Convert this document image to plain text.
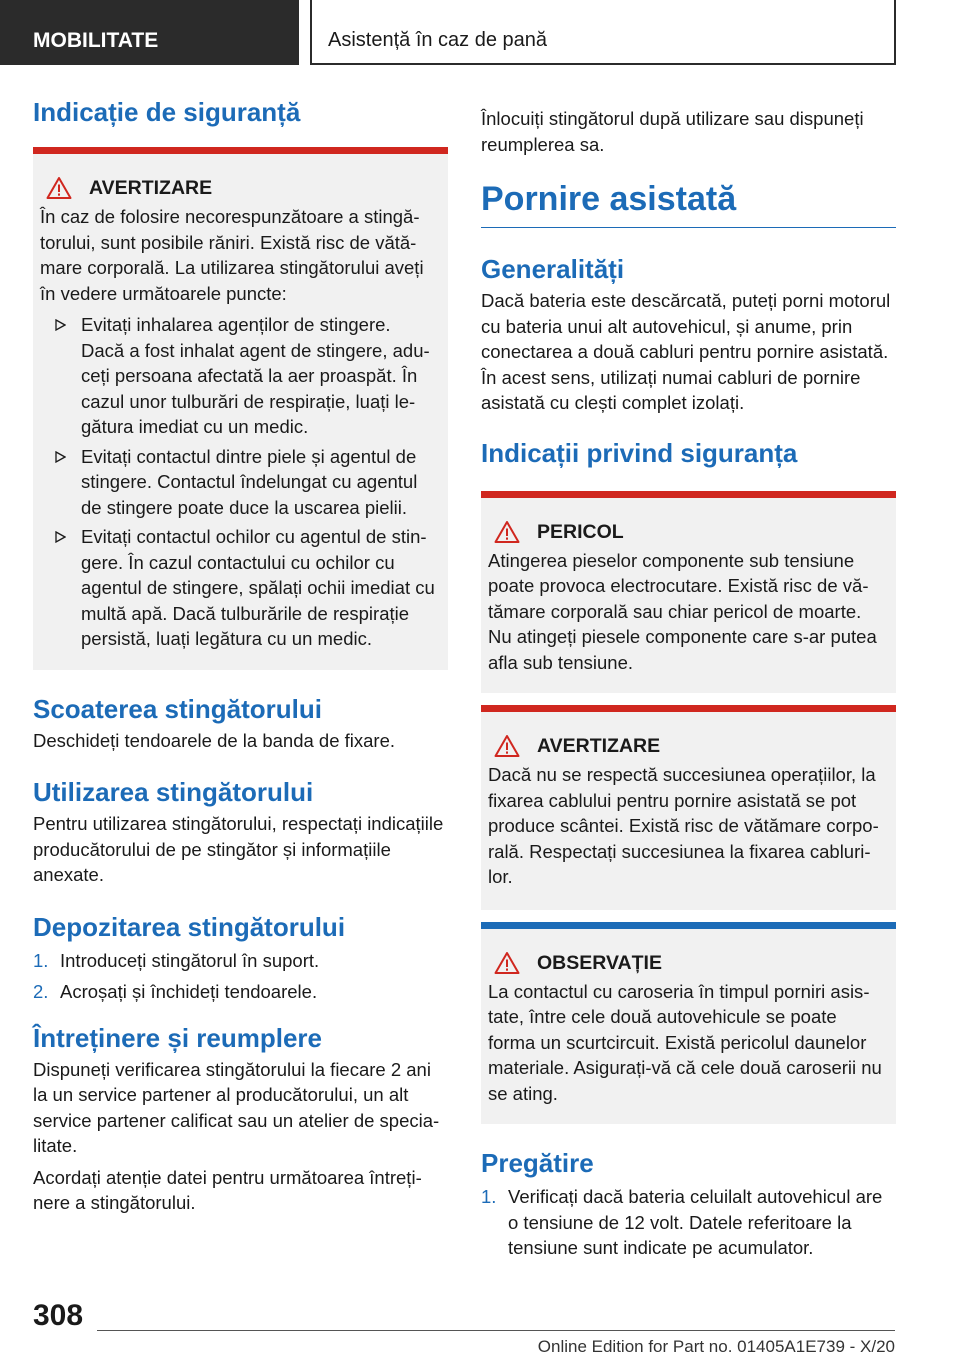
MOBILITATE	Asistență în caz de pană
Indicație de siguranță
AVERTIZARE

În caz de folosire necorespunzătoare a stingătorului, sunt posibile răniri. Există risc de vătămare corporală. La utilizarea stingătorului aveți în vedere următoarele puncte:

Evitați inhalarea agenților de stingere. Dacă a fost inhalat agent de stingere, aduceți persoana afectată la aer proaspăt. În cazul unor tulburări de respirație, luați legătura imediat cu un medic.
Evitați contactul dintre piele și agentul de stingere. Contactul îndelungat cu agentul de stingere poate duce la uscarea pielii.
Evitați contactul ochilor cu agentul de stingere. În cazul contactului cu ochilor cu agentul de stingere, spălați ochii imediat cu multă apă. Dacă tulburările de respirație persistă, luați legătura cu un medic.
Scoaterea stingătorului

Deschideți tendoarele de la banda de fixare.

Utilizarea stingătorului

Pentru utilizarea stingătorului, respectați indicațiile producătorului de pe stingător și informațiile anexate.

Depozitarea stingătorului
1. Introduceți stingătorul în suport.
2. Acroșați și închideți tendoarele.
Întreținere și reumplere

Dispuneți verificarea stingătorului la fiecare 2 ani la un service partener al producătorului, un alt service partener calificat sau un atelier de specialitate.

Acordați atenție datei pentru următoarea întreținere a stingătorului.

Înlocuiți stingătorul după utilizare sau dispuneți reumplerea sa.

Pornire asistată
Generalități

Dacă bateria este descărcată, puteți porni motorul cu bateria unui alt autovehicul, și anume, prin conectarea a două cabluri pentru pornire asistată. În acest sens, utilizați numai cabluri de pornire asistată cu clești complet izolați.

Indicații privind siguranța
PERICOL

Atingerea pieselor componente sub tensiune poate provoca electrocutare. Există risc de vătămare corporală sau chiar pericol de moarte. Nu atingeți piesele componente care s-ar putea afla sub tensiune.

AVERTIZARE

Dacă nu se respectă succesiunea operațiilor, la fixarea cablului pentru pornire asistată se pot produce scântei. Există risc de vătămare corporală. Respectați succesiunea la fixarea cablurilor.

OBSERVAȚIE

La contactul cu caroseria în timpul porniri asistate, între cele două autovehicule se poate forma un scurtcircuit. Există pericolul daunelor materiale. Asigurați-vă că cele două caroserii nu se ating.

Pregătire
1. Verificați dacă bateria celuilalt autovehicul are o tensiune de 12 volt. Datele referitoare la tensiune sunt indicate pe acumulator.
308
Online Edition for Part no. 01405A1E739 - X/20
